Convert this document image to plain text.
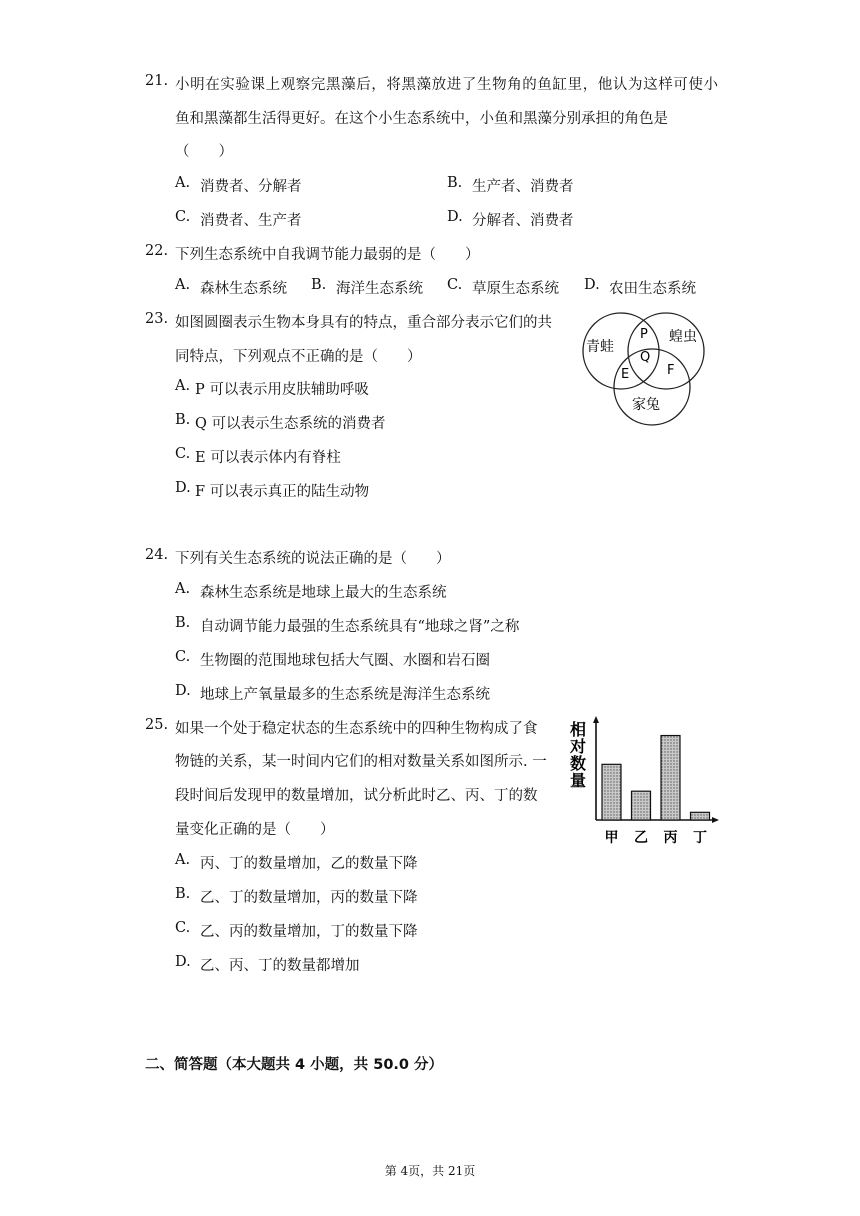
21. 小明在实验课上观察完黑藻后，将黑藻放进了生物角的鱼缸里，他认为这样可使小
鱼和黑藻都生活得更好。在这个小生态系统中，小鱼和黑藻分别承担的角色是
（　　）
A. 消费者、分解者	B. 生产者、消费者
C. 消费者、生产者	D. 分解者、消费者
22. 下列生态系统中自我调节能力最弱的是（　　）
A. 森林生态系统 B. 海洋生态系统 C. 草原生态系统 D. 农田生态系统
23. 如图圆圈表示生物本身具有的特点，重合部分表示它们的共
同特点，下列观点不正确的是（　　）
A. P 可以表示用皮肤辅助呼吸
B. Q 可以表示生态系统的消费者
C. E 可以表示体内有脊柱
D. F 可以表示真正的陆生动物
青蛙
蝗虫
家兔
P
Q
E	F
24. 下列有关生态系统的说法正确的是（　　）
A. 森林生态系统是地球上最大的生态系统
B. 自动调节能力最强的生态系统具有“地球之肾”之称
C. 生物圈的范围地球包括大气圈、水圈和岩石圈
D. 地球上产氧量最多的生态系统是海洋生态系统
25. 如果一个处于稳定状态的生态系统中的四种生物构成了食
物链的关系，某一时间内它们的相对数量关系如图所示. 一
段时间后发现甲的数量增加，试分析此时乙、丙、丁的数
量变化正确的是（　　）
A. 丙、丁的数量增加，乙的数量下降
B. 乙、丁的数量增加，丙的数量下降
C. 乙、丙的数量增加，丁的数量下降
D. 乙、丙、丁的数量都增加
相
对
数
量
甲 乙 丙 丁
二、简答题（本大题共 4 小题，共 50.0 分）
第 4页，共 21页
